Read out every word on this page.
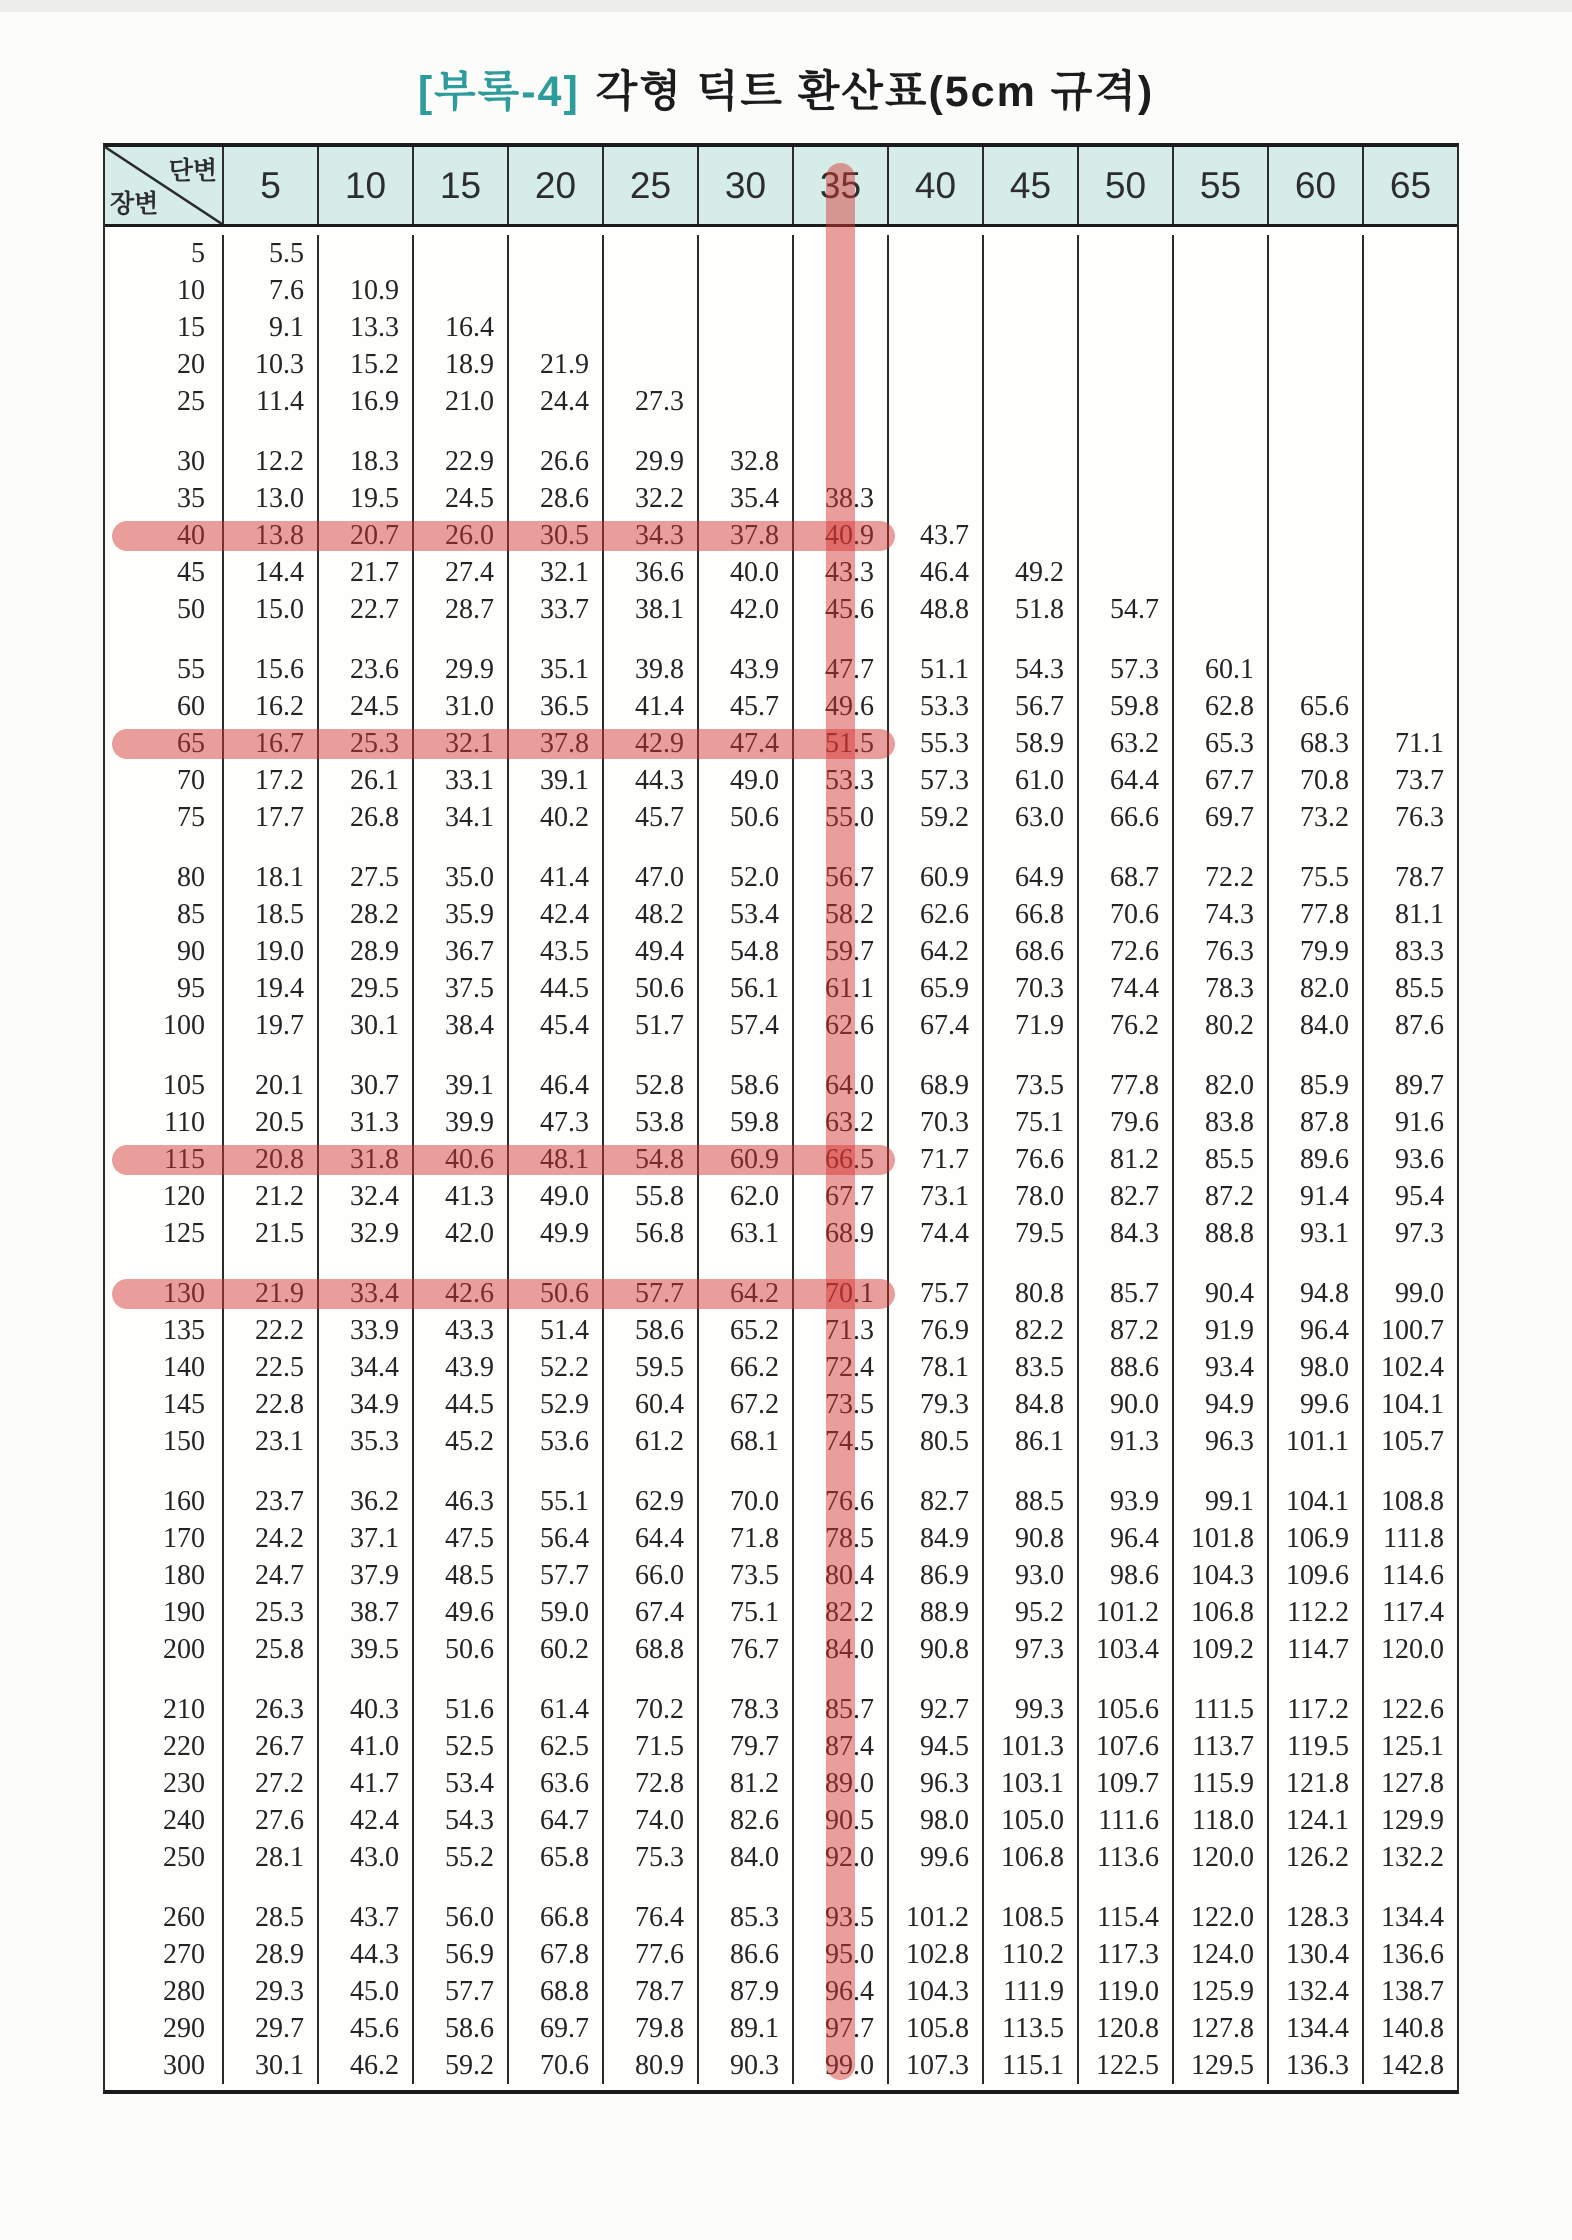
[부록-4] 각형 덕트 환산표(5cm 규격)
단변
장변	5	10	15	20	25	30	35	40	45	50	55	60	65
5	5.5
10	7.6	10.9
15	9.1	13.3	16.4
20	10.3	15.2	18.9	21.9
25	11.4	16.9	21.0	24.4	27.3
30	12.2	18.3	22.9	26.6	29.9	32.8
35	13.0	19.5	24.5	28.6	32.2	35.4	38.3
40	13.8	20.7	26.0	30.5	34.3	37.8	40.9	43.7
45	14.4	21.7	27.4	32.1	36.6	40.0	43.3	46.4	49.2
50	15.0	22.7	28.7	33.7	38.1	42.0	45.6	48.8	51.8	54.7
55	15.6	23.6	29.9	35.1	39.8	43.9	47.7	51.1	54.3	57.3	60.1
60	16.2	24.5	31.0	36.5	41.4	45.7	49.6	53.3	56.7	59.8	62.8	65.6
65	16.7	25.3	32.1	37.8	42.9	47.4	51.5	55.3	58.9	63.2	65.3	68.3	71.1
70	17.2	26.1	33.1	39.1	44.3	49.0	53.3	57.3	61.0	64.4	67.7	70.8	73.7
75	17.7	26.8	34.1	40.2	45.7	50.6	55.0	59.2	63.0	66.6	69.7	73.2	76.3
80	18.1	27.5	35.0	41.4	47.0	52.0	56.7	60.9	64.9	68.7	72.2	75.5	78.7
85	18.5	28.2	35.9	42.4	48.2	53.4	58.2	62.6	66.8	70.6	74.3	77.8	81.1
90	19.0	28.9	36.7	43.5	49.4	54.8	59.7	64.2	68.6	72.6	76.3	79.9	83.3
95	19.4	29.5	37.5	44.5	50.6	56.1	61.1	65.9	70.3	74.4	78.3	82.0	85.5
100	19.7	30.1	38.4	45.4	51.7	57.4	62.6	67.4	71.9	76.2	80.2	84.0	87.6
105	20.1	30.7	39.1	46.4	52.8	58.6	64.0	68.9	73.5	77.8	82.0	85.9	89.7
110	20.5	31.3	39.9	47.3	53.8	59.8	63.2	70.3	75.1	79.6	83.8	87.8	91.6
115	20.8	31.8	40.6	48.1	54.8	60.9	66.5	71.7	76.6	81.2	85.5	89.6	93.6
120	21.2	32.4	41.3	49.0	55.8	62.0	67.7	73.1	78.0	82.7	87.2	91.4	95.4
125	21.5	32.9	42.0	49.9	56.8	63.1	68.9	74.4	79.5	84.3	88.8	93.1	97.3
130	21.9	33.4	42.6	50.6	57.7	64.2	70.1	75.7	80.8	85.7	90.4	94.8	99.0
135	22.2	33.9	43.3	51.4	58.6	65.2	71.3	76.9	82.2	87.2	91.9	96.4	100.7
140	22.5	34.4	43.9	52.2	59.5	66.2	72.4	78.1	83.5	88.6	93.4	98.0	102.4
145	22.8	34.9	44.5	52.9	60.4	67.2	73.5	79.3	84.8	90.0	94.9	99.6	104.1
150	23.1	35.3	45.2	53.6	61.2	68.1	74.5	80.5	86.1	91.3	96.3	101.1	105.7
160	23.7	36.2	46.3	55.1	62.9	70.0	76.6	82.7	88.5	93.9	99.1	104.1	108.8
170	24.2	37.1	47.5	56.4	64.4	71.8	78.5	84.9	90.8	96.4	101.8	106.9	111.8
180	24.7	37.9	48.5	57.7	66.0	73.5	80.4	86.9	93.0	98.6	104.3	109.6	114.6
190	25.3	38.7	49.6	59.0	67.4	75.1	82.2	88.9	95.2	101.2	106.8	112.2	117.4
200	25.8	39.5	50.6	60.2	68.8	76.7	84.0	90.8	97.3	103.4	109.2	114.7	120.0
210	26.3	40.3	51.6	61.4	70.2	78.3	85.7	92.7	99.3	105.6	111.5	117.2	122.6
220	26.7	41.0	52.5	62.5	71.5	79.7	87.4	94.5	101.3	107.6	113.7	119.5	125.1
230	27.2	41.7	53.4	63.6	72.8	81.2	89.0	96.3	103.1	109.7	115.9	121.8	127.8
240	27.6	42.4	54.3	64.7	74.0	82.6	90.5	98.0	105.0	111.6	118.0	124.1	129.9
250	28.1	43.0	55.2	65.8	75.3	84.0	92.0	99.6	106.8	113.6	120.0	126.2	132.2
260	28.5	43.7	56.0	66.8	76.4	85.3	93.5	101.2	108.5	115.4	122.0	128.3	134.4
270	28.9	44.3	56.9	67.8	77.6	86.6	95.0	102.8	110.2	117.3	124.0	130.4	136.6
280	29.3	45.0	57.7	68.8	78.7	87.9	96.4	104.3	111.9	119.0	125.9	132.4	138.7
290	29.7	45.6	58.6	69.7	79.8	89.1	97.7	105.8	113.5	120.8	127.8	134.4	140.8
300	30.1	46.2	59.2	70.6	80.9	90.3	99.0	107.3	115.1	122.5	129.5	136.3	142.8
